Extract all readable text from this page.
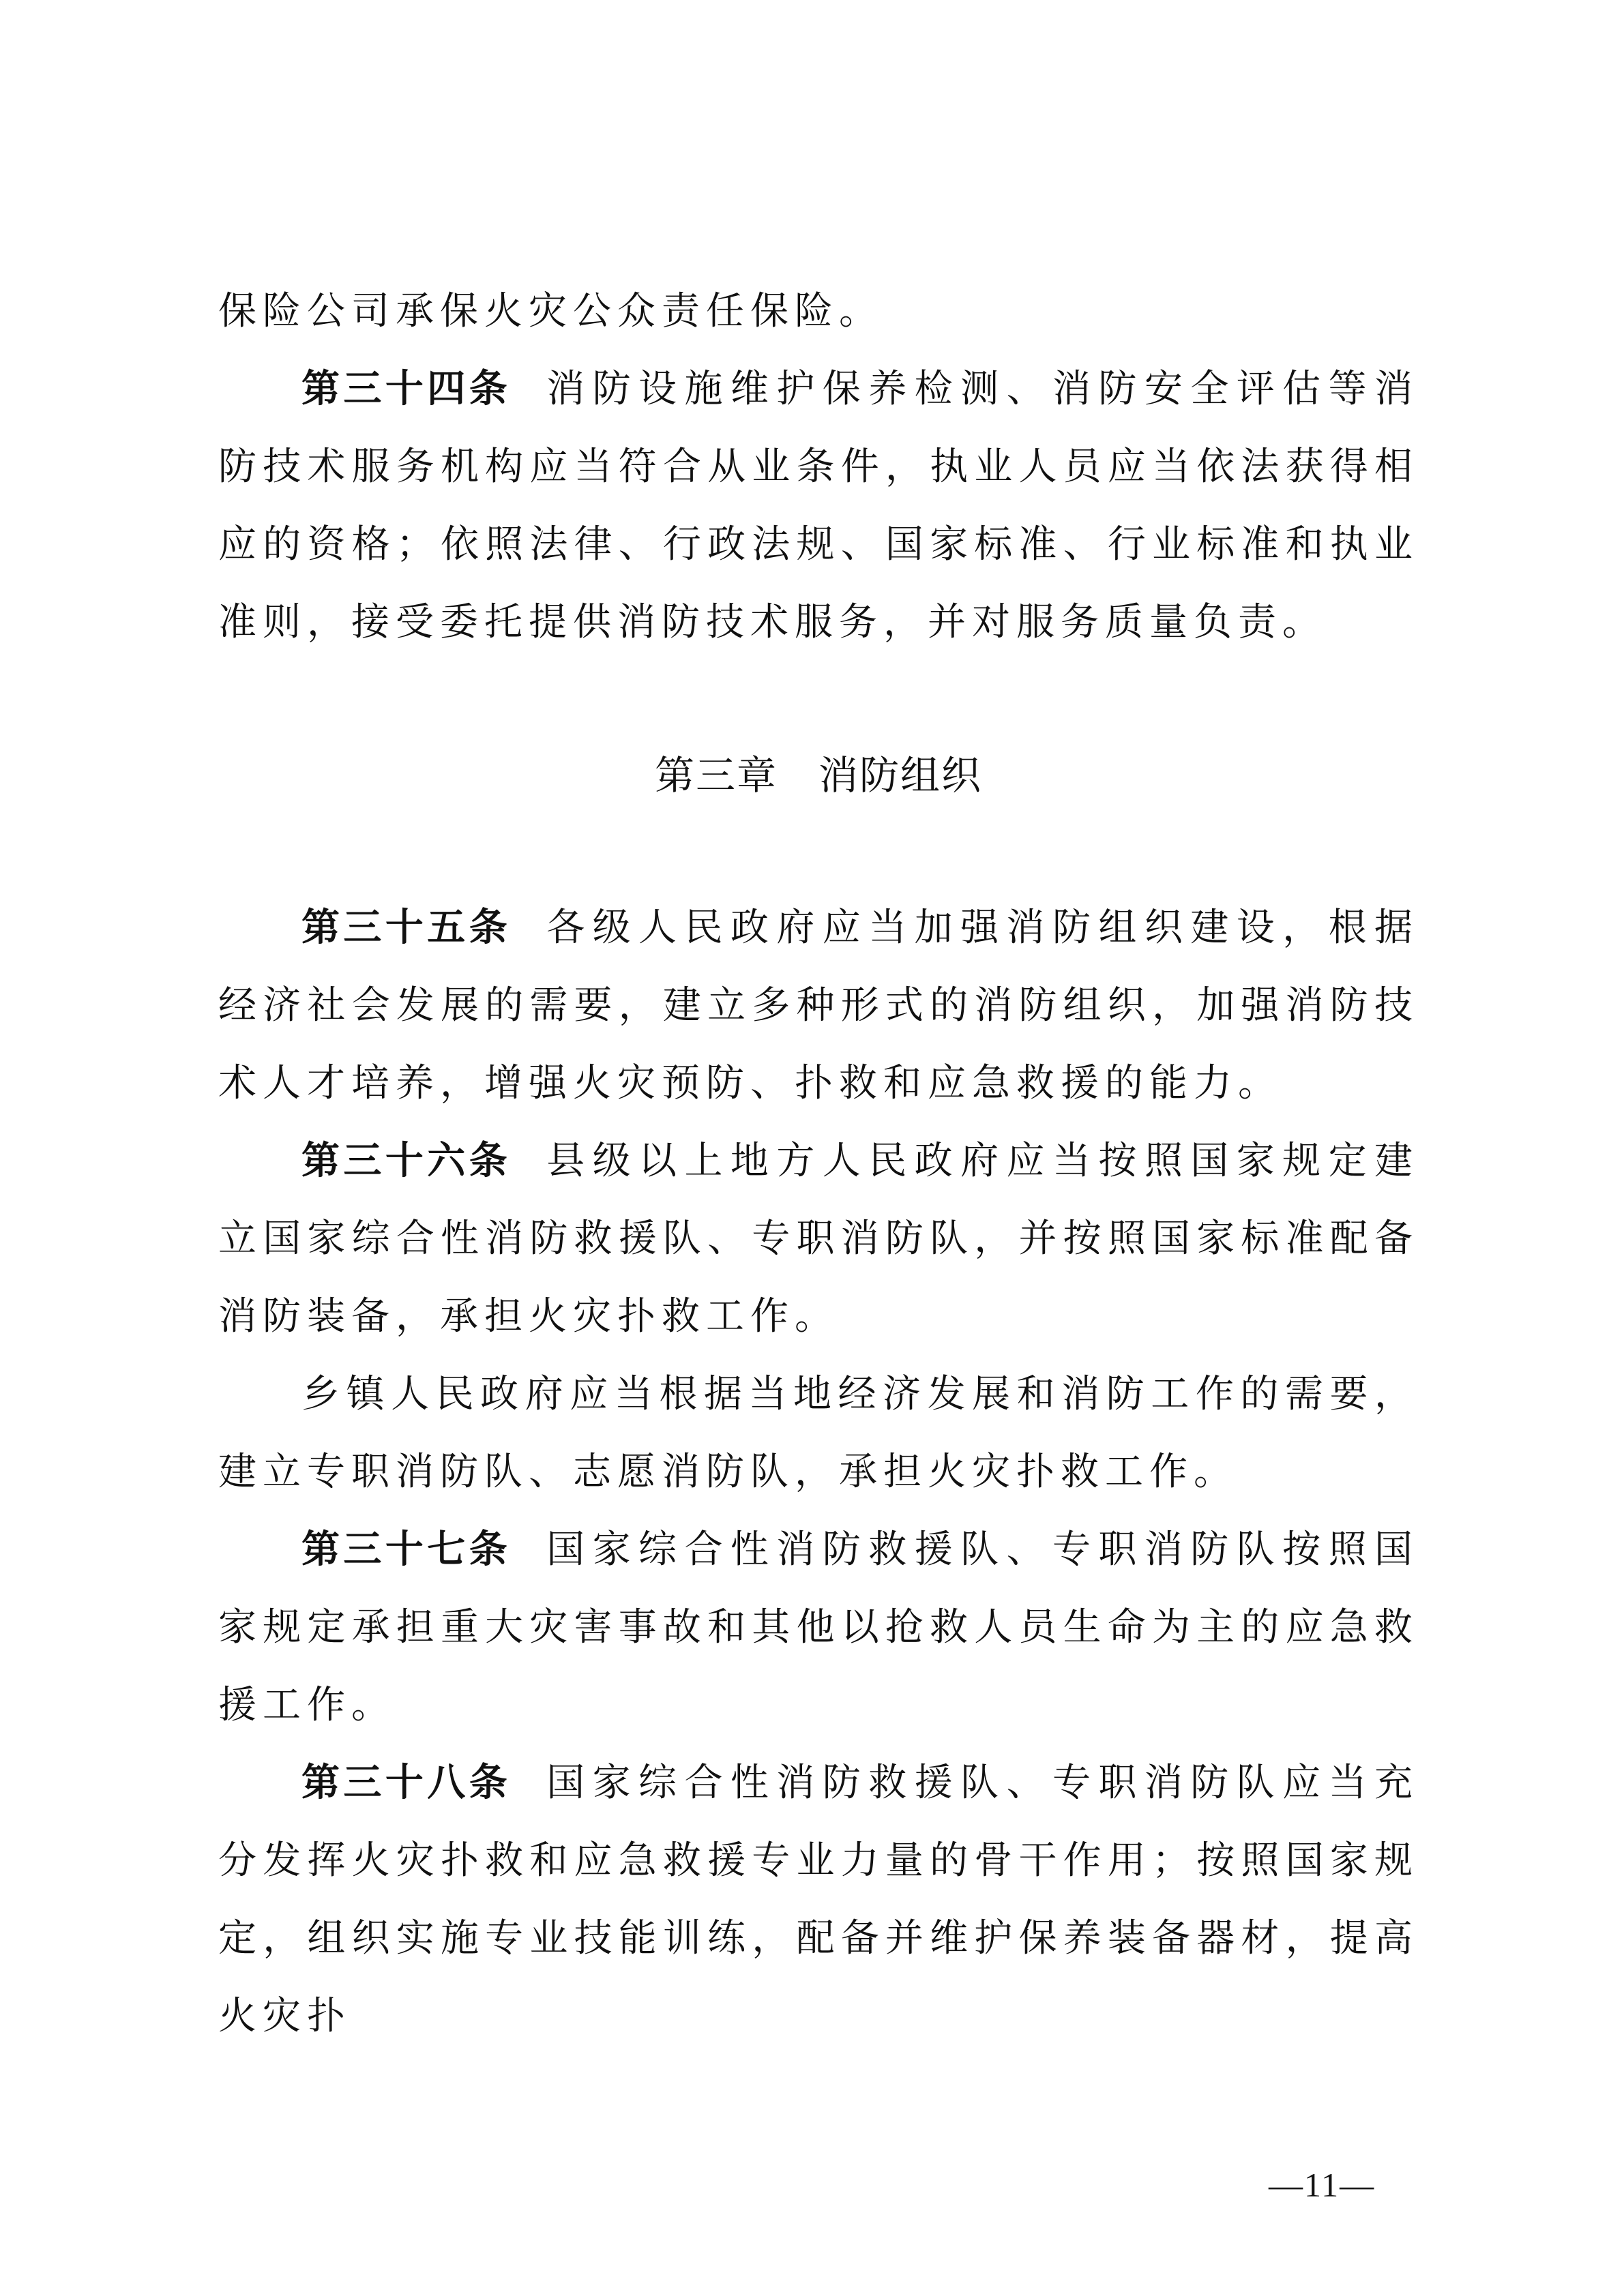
保险公司承保火灾公众责任保险。

第三十四条 消防设施维护保养检测、消防安全评估等消防技术服务机构应当符合从业条件，执业人员应当依法获得相应的资格；依照法律、行政法规、国家标准、行业标准和执业准则，接受委托提供消防技术服务，并对服务质量负责。

第三章 消防组织

第三十五条 各级人民政府应当加强消防组织建设，根据经济社会发展的需要，建立多种形式的消防组织，加强消防技术人才培养，增强火灾预防、扑救和应急救援的能力。

第三十六条 县级以上地方人民政府应当按照国家规定建立国家综合性消防救援队、专职消防队，并按照国家标准配备消防装备，承担火灾扑救工作。

乡镇人民政府应当根据当地经济发展和消防工作的需要，建立专职消防队、志愿消防队，承担火灾扑救工作。

第三十七条 国家综合性消防救援队、专职消防队按照国家规定承担重大灾害事故和其他以抢救人员生命为主的应急救援工作。

第三十八条 国家综合性消防救援队、专职消防队应当充分发挥火灾扑救和应急救援专业力量的骨干作用；按照国家规定，组织实施专业技能训练，配备并维护保养装备器材，提高火灾扑

—11—
